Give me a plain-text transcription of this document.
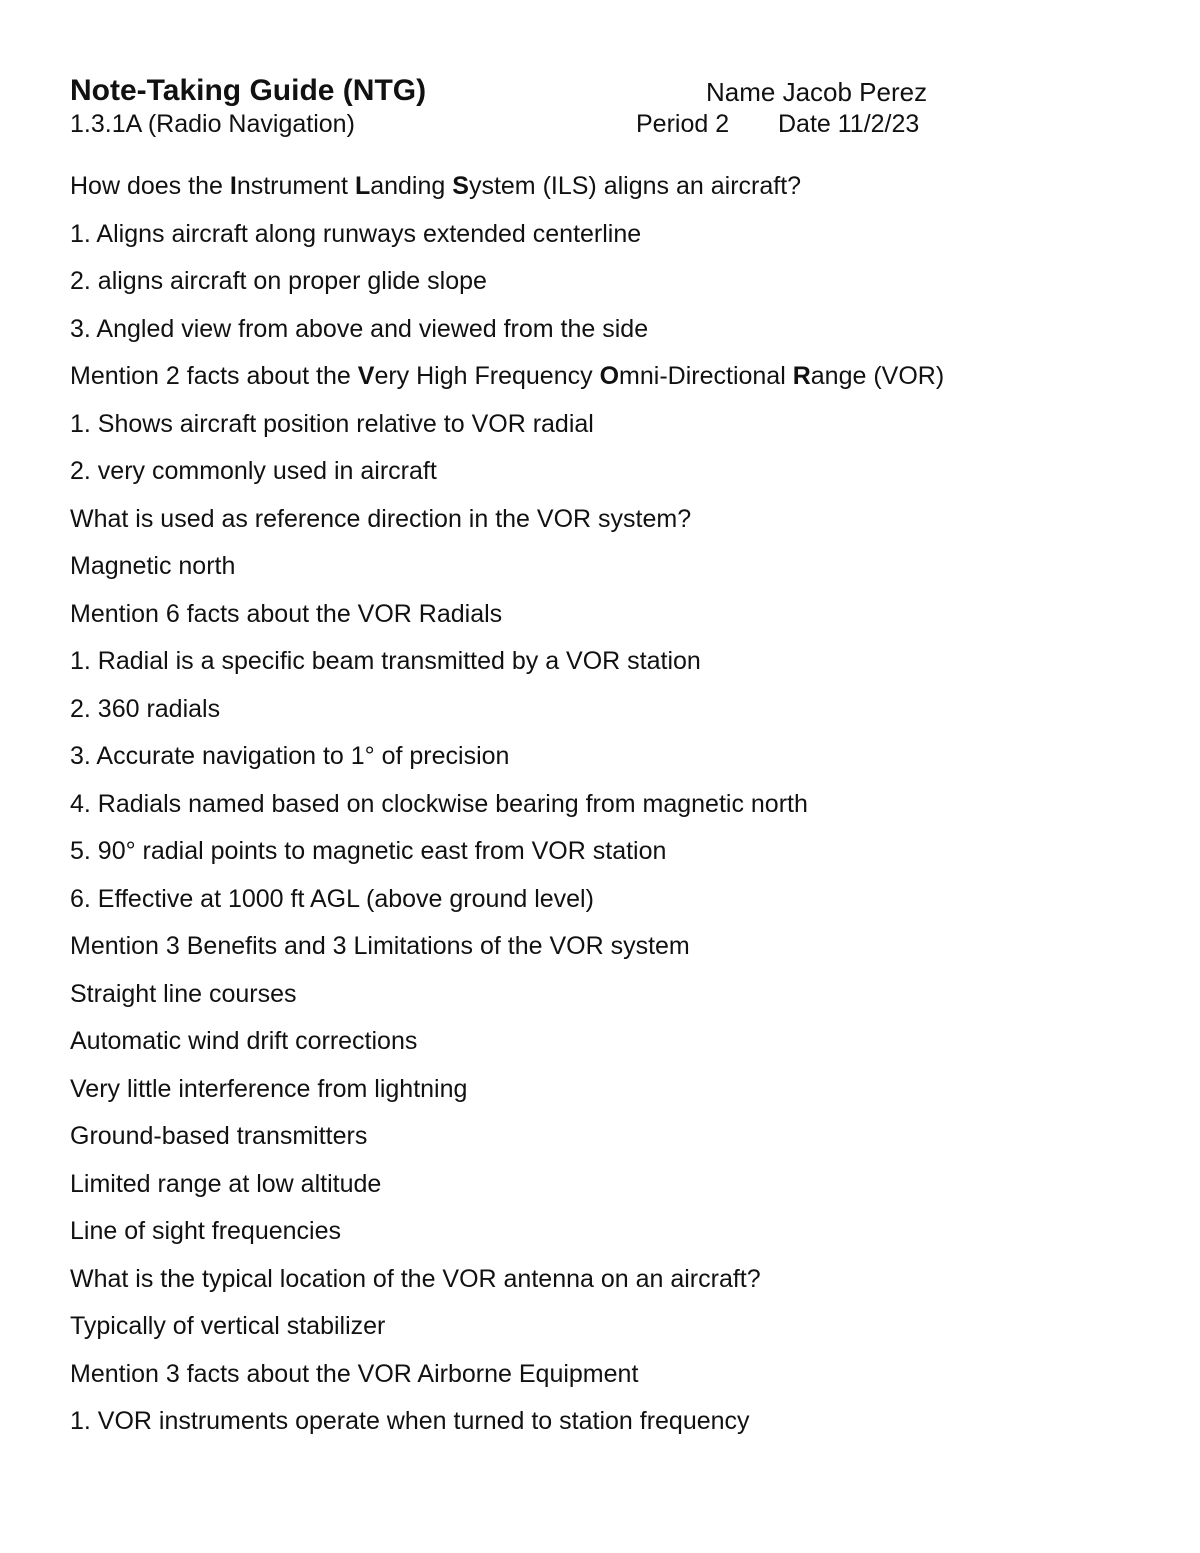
Note-Taking Guide (NTG)
1.3.1A (Radio Navigation)
Name Jacob Perez
Period 2 Date 11/2/23
How does the Instrument Landing System (ILS) aligns an aircraft?
1. Aligns aircraft along runways extended centerline
2. aligns aircraft on proper glide slope
3. Angled view from above and viewed from the side
Mention 2 facts about the Very High Frequency Omni-Directional Range (VOR)
1. Shows aircraft position relative to VOR radial
2. very commonly used in aircraft
What is used as reference direction in the VOR system?
Magnetic north
Mention 6 facts about the VOR Radials
1. Radial is a specific beam transmitted by a VOR station
2. 360 radials
3. Accurate navigation to 1° of precision
4. Radials named based on clockwise bearing from magnetic north
5. 90° radial points to magnetic east from VOR station
6. Effective at 1000 ft AGL (above ground level)
Mention 3 Benefits and 3 Limitations of the VOR system
Straight line courses
Automatic wind drift corrections
Very little interference from lightning
Ground-based transmitters
Limited range at low altitude
Line of sight frequencies
What is the typical location of the VOR antenna on an aircraft?
Typically of vertical stabilizer
Mention 3 facts about the VOR Airborne Equipment
1. VOR instruments operate when turned to station frequency
